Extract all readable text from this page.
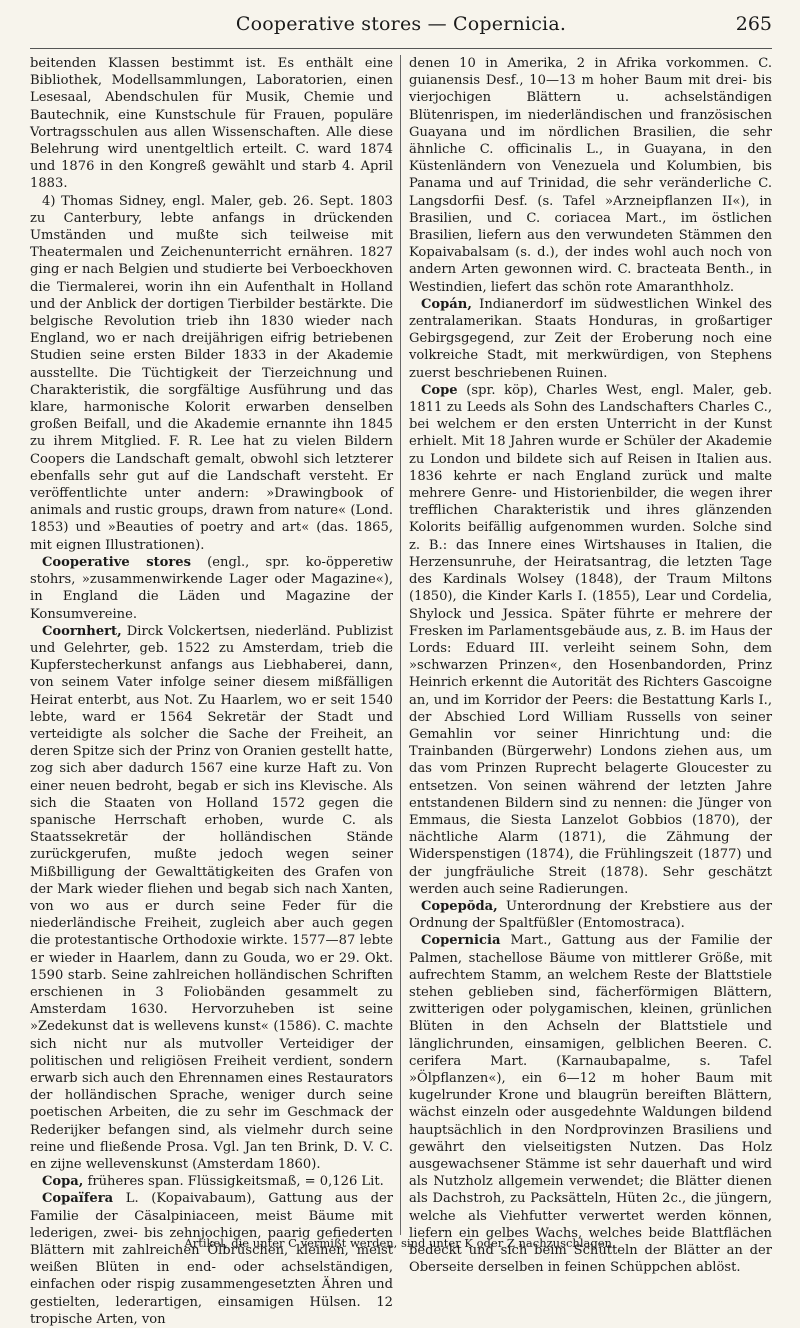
Cooperative stores — Copernicia.	265

beitenden Klassen bestimmt ist. Es enthält eine Bibliothek, Modellsammlungen, Laboratorien, einen Lesesaal, Abendschulen für Musik, Chemie und Bautechnik, eine Kunstschule für Frauen, populäre Vortragsschulen aus allen Wissenschaften. Alle diese Belehrung wird unentgeltlich erteilt. C. ward 1874 und 1876 in den Kongreß gewählt und starb 4. April 1883.

4) Thomas Sidney, engl. Maler, geb. 26. Sept. 1803 zu Canterbury, lebte anfangs in drückenden Umständen und mußte sich teilweise mit Theatermalen und Zeichenunterricht ernähren. 1827 ging er nach Belgien und studierte bei Verboeckhoven die Tiermalerei, worin ihn ein Aufenthalt in Holland und der Anblick der dortigen Tierbilder bestärkte. Die belgische Revolution trieb ihn 1830 wieder nach England, wo er nach dreijährigen eifrig betriebenen Studien seine ersten Bilder 1833 in der Akademie ausstellte. Die Tüchtigkeit der Tierzeichnung und Charakteristik, die sorgfältige Ausführung und das klare, harmonische Kolorit erwarben denselben großen Beifall, und die Akademie ernannte ihn 1845 zu ihrem Mitglied. F. R. Lee hat zu vielen Bildern Coopers die Landschaft gemalt, obwohl sich letzterer ebenfalls sehr gut auf die Landschaft versteht. Er veröffentlichte unter andern: »Drawingbook of animals and rustic groups, drawn from nature« (Lond. 1853) und »Beauties of poetry and art« (das. 1865, mit eignen Illustrationen).

Cooperative stores (engl., spr. ko-öpperetiw stohrs, »zusammenwirkende Lager oder Magazine«), in England die Läden und Magazine der Konsumvereine.

Coornhert, Dirck Volckertsen, niederländ. Publizist und Gelehrter, geb. 1522 zu Amsterdam, trieb die Kupferstecherkunst anfangs aus Liebhaberei, dann, von seinem Vater infolge seiner diesem mißfälligen Heirat enterbt, aus Not. Zu Haarlem, wo er seit 1540 lebte, ward er 1564 Sekretär der Stadt und verteidigte als solcher die Sache der Freiheit, an deren Spitze sich der Prinz von Oranien gestellt hatte, zog sich aber dadurch 1567 eine kurze Haft zu. Von einer neuen bedroht, begab er sich ins Klevische. Als sich die Staaten von Holland 1572 gegen die spanische Herrschaft erhoben, wurde C. als Staatssekretär der holländischen Stände zurückgerufen, mußte jedoch wegen seiner Mißbilligung der Gewalttätigkeiten des Grafen von der Mark wieder fliehen und begab sich nach Xanten, von wo aus er durch seine Feder für die niederländische Freiheit, zugleich aber auch gegen die protestantische Orthodoxie wirkte. 1577—87 lebte er wieder in Haarlem, dann zu Gouda, wo er 29. Okt. 1590 starb. Seine zahlreichen holländischen Schriften erschienen in 3 Foliobänden gesammelt zu Amsterdam 1630. Hervorzuheben ist seine »Zedekunst dat is wellevens kunst« (1586). C. machte sich nicht nur als mutvoller Verteidiger der politischen und religiösen Freiheit verdient, sondern erwarb sich auch den Ehrennamen eines Restaurators der holländischen Sprache, weniger durch seine poetischen Arbeiten, die zu sehr im Geschmack der Rederijker befangen sind, als vielmehr durch seine reine und fließende Prosa. Vgl. Jan ten Brink, D. V. C. en zijne wellevenskunst (Amsterdam 1860).

Copa, früheres span. Flüssigkeitsmaß, = 0,126 Lit.

Copaïfera L. (Kopaivabaum), Gattung aus der Familie der Cäsalpiniaceen, meist Bäume mit lederigen, zwei- bis zehnjochigen, paarig gefiederten Blättern mit zahlreichen Ölbrüschen, kleinen, meist weißen Blüten in end- oder achselständigen, einfachen oder rispig zusammengesetzten Ähren und gestielten, lederartigen, einsamigen Hülsen. 12 tropische Arten, von

denen 10 in Amerika, 2 in Afrika vorkommen. C. guianensis Desf., 10—13 m hoher Baum mit drei- bis vierjochigen Blättern u. achselständigen Blütenrispen, im niederländischen und französischen Guayana und im nördlichen Brasilien, die sehr ähnliche C. officinalis L., in Guayana, in den Küstenländern von Venezuela und Kolumbien, bis Panama und auf Trinidad, die sehr veränderliche C. Langsdorfii Desf. (s. Tafel »Arzneipflanzen II«), in Brasilien, und C. coriacea Mart., im östlichen Brasilien, liefern aus den verwundeten Stämmen den Kopaivabalsam (s. d.), der indes wohl auch noch von andern Arten gewonnen wird. C. bracteata Benth., in Westindien, liefert das schön rote Amaranthholz.

Copán, Indianerdorf im südwestlichen Winkel des zentralamerikan. Staats Honduras, in großartiger Gebirgsgegend, zur Zeit der Eroberung noch eine volkreiche Stadt, mit merkwürdigen, von Stephens zuerst beschriebenen Ruinen.

Cope (spr. köp), Charles West, engl. Maler, geb. 1811 zu Leeds als Sohn des Landschafters Charles C., bei welchem er den ersten Unterricht in der Kunst erhielt. Mit 18 Jahren wurde er Schüler der Akademie zu London und bildete sich auf Reisen in Italien aus. 1836 kehrte er nach England zurück und malte mehrere Genre- und Historienbilder, die wegen ihrer trefflichen Charakteristik und ihres glänzenden Kolorits beifällig aufgenommen wurden. Solche sind z. B.: das Innere eines Wirtshauses in Italien, die Herzensunruhe, der Heiratsantrag, die letzten Tage des Kardinals Wolsey (1848), der Traum Miltons (1850), die Kinder Karls I. (1855), Lear und Cordelia, Shylock und Jessica. Später führte er mehrere der Fresken im Parlamentsgebäude aus, z. B. im Haus der Lords: Eduard III. verleiht seinem Sohn, dem »schwarzen Prinzen«, den Hosenbandorden, Prinz Heinrich erkennt die Autorität des Richters Gascoigne an, und im Korridor der Peers: die Bestattung Karls I., der Abschied Lord William Russells von seiner Gemahlin vor seiner Hinrichtung und: die Trainbanden (Bürgerwehr) Londons ziehen aus, um das vom Prinzen Ruprecht belagerte Gloucester zu entsetzen. Von seinen während der letzten Jahre entstandenen Bildern sind zu nennen: die Jünger von Emmaus, die Siesta Lanzelot Gobbios (1870), der nächtliche Alarm (1871), die Zähmung der Widerspenstigen (1874), die Frühlingszeit (1877) und der jungfräuliche Streit (1878). Sehr geschätzt werden auch seine Radierungen.

Copepŏda, Unterordnung der Krebstiere aus der Ordnung der Spaltfüßler (Entomostraca).

Copernicia Mart., Gattung aus der Familie der Palmen, stachellose Bäume von mittlerer Größe, mit aufrechtem Stamm, an welchem Reste der Blattstiele stehen geblieben sind, fächerförmigen Blättern, zwitterigen oder polygamischen, kleinen, grünlichen Blüten in den Achseln der Blattstiele und länglichrunden, einsamigen, gelblichen Beeren. C. cerifera Mart. (Karnaubapalme, s. Tafel »Ölpflanzen«), ein 6—12 m hoher Baum mit kugelrunder Krone und blaugrün bereiften Blättern, wächst einzeln oder ausgedehnte Waldungen bildend hauptsächlich in den Nordprovinzen Brasiliens und gewährt den vielseitigsten Nutzen. Das Holz ausgewachsener Stämme ist sehr dauerhaft und wird als Nutzholz allgemein verwendet; die Blätter dienen als Dachstroh, zu Packsätteln, Hüten 2c., die jüngern, welche als Viehfutter verwertet werden können, liefern ein gelbes Wachs, welches beide Blattflächen bedeckt und sich beim Schütteln der Blätter an der Oberseite derselben in feinen Schüppchen ablöst.

Artikel, die unter C vermißt werden, sind unter K oder Z nachzuschlagen.
